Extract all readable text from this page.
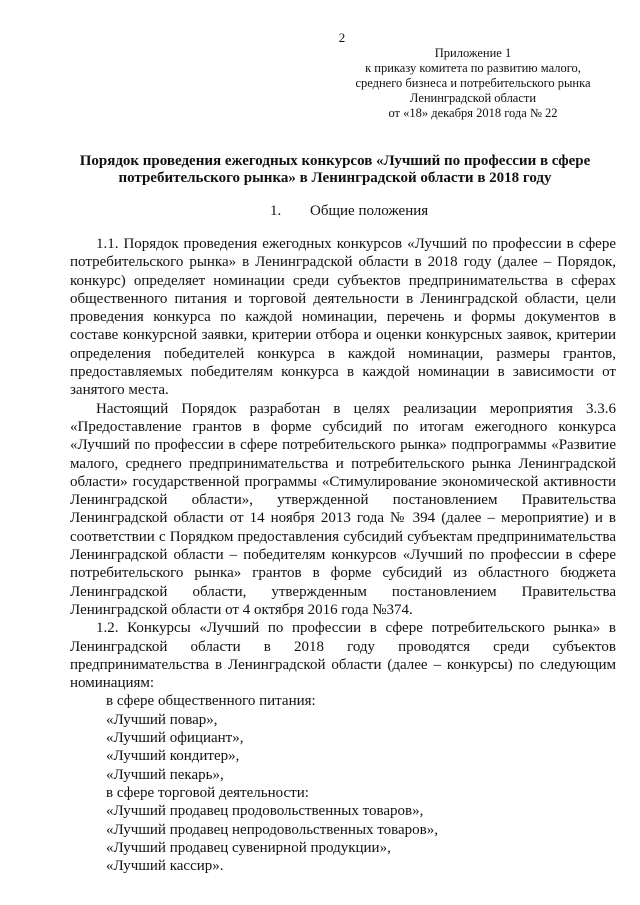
2
Приложение 1
к приказу комитета по развитию малого,
среднего бизнеса и потребительского рынка
Ленинградской области
от «18» декабря 2018 года № 22
Порядок проведения ежегодных конкурсов «Лучший по профессии в сфере потребительского рынка» в Ленинградской области в 2018 году
1. Общие положения

1.1. Порядок проведения ежегодных конкурсов «Лучший по профессии в сфере потребительского рынка» в Ленинградской области в 2018 году (далее – Порядок, конкурс) определяет номинации среди субъектов предпринимательства в сферах общественного питания и торговой деятельности в Ленинградской области, цели проведения конкурса по каждой номинации, перечень и формы документов в составе конкурсной заявки, критерии отбора и оценки конкурсных заявок, критерии определения победителей конкурса в каждой номинации, размеры грантов, предоставляемых победителям конкурса в каждой номинации в зависимости от занятого места.

Настоящий Порядок разработан в целях реализации мероприятия 3.3.6 «Предоставление грантов в форме субсидий по итогам ежегодного конкурса «Лучший по профессии в сфере потребительского рынка» подпрограммы «Развитие малого, среднего предпринимательства и потребительского рынка Ленинградской области» государственной программы «Стимулирование экономической активности Ленинградской области», утвержденной постановлением Правительства Ленинградской области от 14 ноября 2013 года № 394 (далее – мероприятие) и в соответствии с Порядком предоставления субсидий субъектам предпринимательства Ленинградской области – победителям конкурсов «Лучший по профессии в сфере потребительского рынка» грантов в форме субсидий из областного бюджета Ленинградской области, утвержденным постановлением Правительства Ленинградской области от 4 октября 2016 года №374.

1.2. Конкурсы «Лучший по профессии в сфере потребительского рынка» в Ленинградской области в 2018 году проводятся среди субъектов предпринимательства в Ленинградской области (далее – конкурсы) по следующим номинациям:

в сфере общественного питания:
«Лучший повар»,
«Лучший официант»,
«Лучший кондитер»,
«Лучший пекарь»,
в сфере торговой деятельности:
«Лучший продавец продовольственных товаров»,
«Лучший продавец непродовольственных товаров»,
«Лучший продавец сувенирной продукции»,
«Лучший кассир».
